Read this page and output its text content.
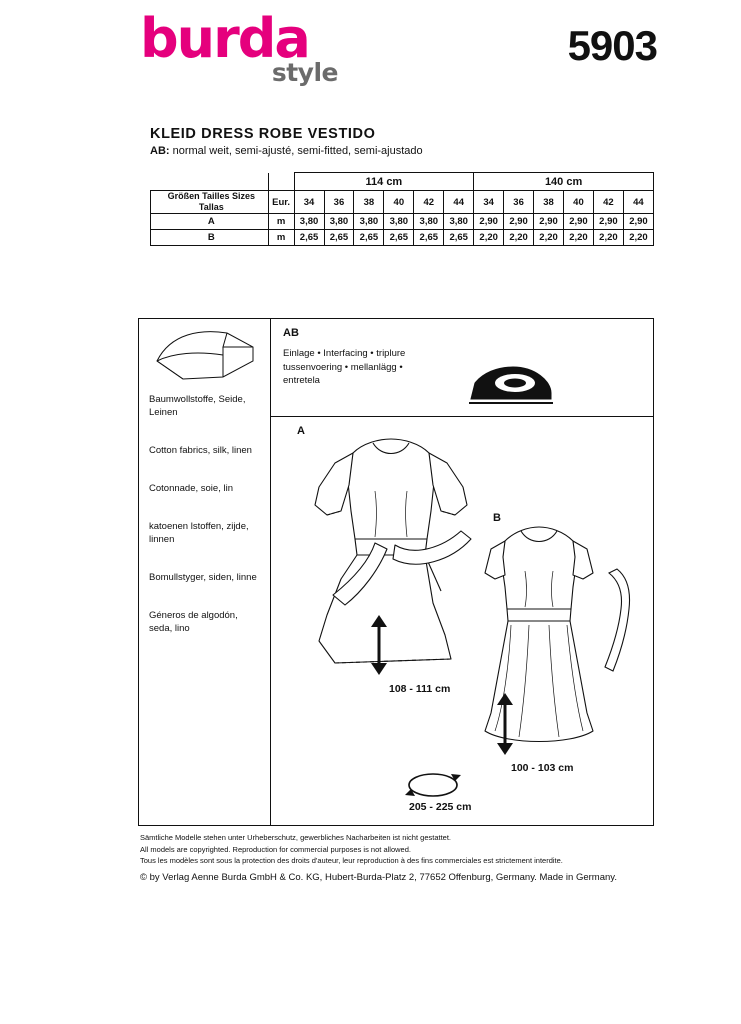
burda
style
5903
KLEID DRESS ROBE VESTIDO
AB: normal weit, semi-ajusté, semi-fitted, semi-ajustado
		114 cm						140 cm					
Größen Tailles Sizes
Tallas	Eur.	34	36	38	40	42	44	34	36	38	40	42	44
A	m	3,80	3,80	3,80	3,80	3,80	3,80	2,90	2,90	2,90	2,90	2,90	2,90
B	m	2,65	2,65	2,65	2,65	2,65	2,65	2,20	2,20	2,20	2,20	2,20	2,20

Baumwollstoffe, Seide, Leinen

Cotton fabrics, silk, linen

Cotonnade, soie, lin

katoenen lstoffen, zijde, linnen

Bomullstyger, siden, linne

Géneros de algodón, seda, lino

AB
Einlage • Interfacing • triplure
tussenvoering • mellanlägg •
entretela
A
B
108 - 111 cm
100 - 103 cm
205 - 225 cm
Sämtliche Modelle stehen unter Urheberschutz, gewerbliches Nacharbeiten ist nicht gestattet.
All models are copyrighted. Reproduction for commercial purposes is not allowed.
Tous les modèles sont sous la protection des droits d'auteur, leur reproduction à des fins commerciales est strictement interdite.
© by Verlag Aenne Burda GmbH & Co. KG, Hubert-Burda-Platz 2, 77652 Offenburg, Germany. Made in Germany.
